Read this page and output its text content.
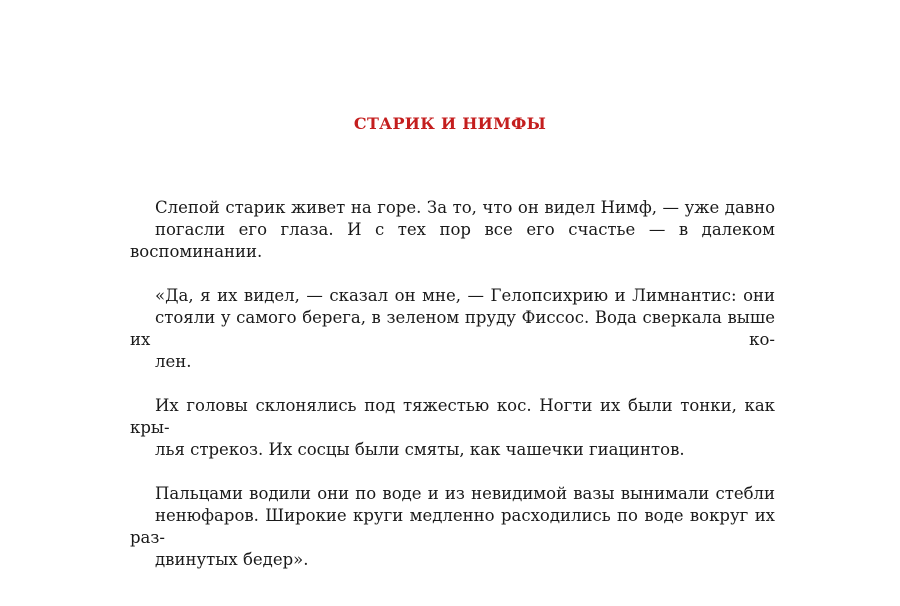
СТАРИК И НИМФЫ

Слепой старик живет на горе. За то, что он видел Нимф, — уже давно
погасли его глаза. И с тех пор все его счастье — в далеком воспоминании.

«Да, я их видел, — сказал он мне, — Гелопсихрию и Лимнантис: они
стояли у самого берега, в зеленом пруду Фиссос. Вода сверкала выше их ко-
лен.

Их головы склонялись под тяжестью кос. Ногти их были тонки, как кры-
лья стрекоз. Их сосцы были смяты, как чашечки гиацинтов.

Пальцами водили они по воде и из невидимой вазы вынимали стебли
ненюфаров. Широкие круги медленно расходились по воде вокруг их раз-
двинутых бедер».
